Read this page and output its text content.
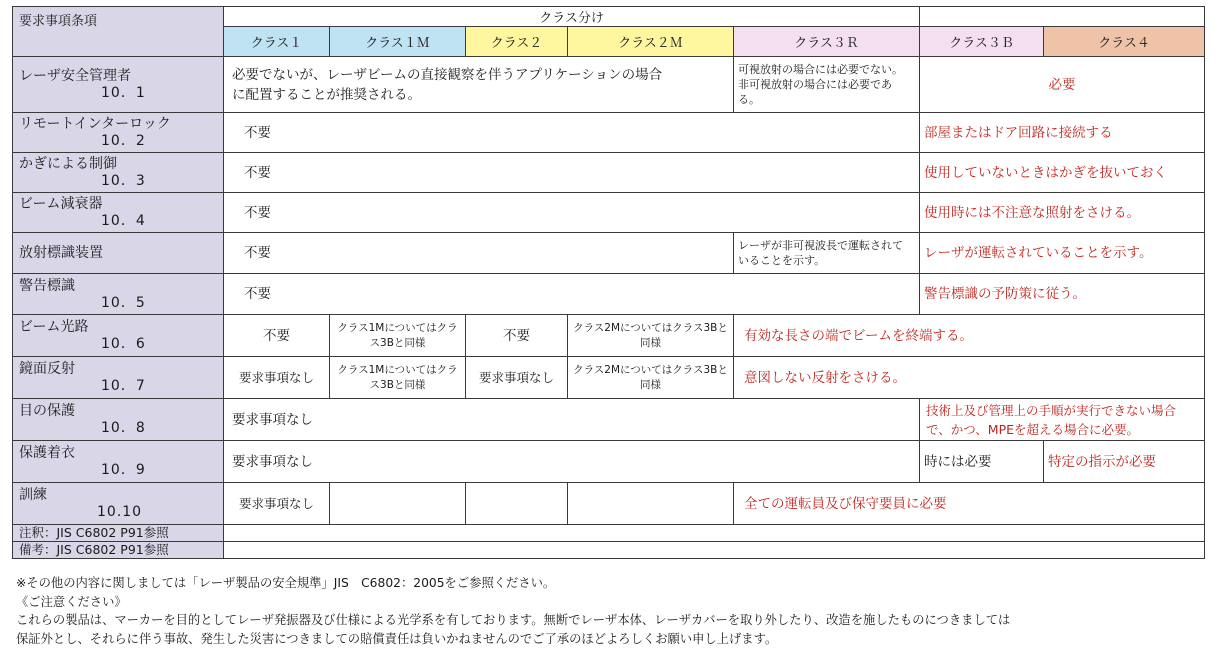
要求事項条項	クラス分け						
	クラス１	クラス１Ｍ	クラス２	クラス２Ｍ	クラス３Ｒ	クラス３Ｂ	クラス４

レーザ安全管理者
10．1	必要でないが、レーザビームの直接観察を伴うアプリケーションの場合に配置することが推奨される。				可視放射の場合には必要でない。非可視放射の場合には必要である。	必要	

リモートインターロック
10．2	不要					部屋またはドア回路に接続する	

かぎによる制御
10．3	不要					使用していないときはかぎを抜いておく	

ビーム減衰器
10．4	不要					使用時には不注意な照射をさける。	

放射標識装置	不要				レーザが非可視波長で運転されていることを示す。	レーザが運転されていることを示す。	

警告標識
10．5	不要					警告標識の予防策に従う。	

ビーム光路
10．6	不要	クラス1Mについてはクラス3Bと同様	不要	クラス2Mについてはクラス3Bと同様	有効な長さの端でビームを終端する。		

鏡面反射
10．7	要求事項なし	クラス1Mについてはクラス3Bと同様	要求事項なし	クラス2Mについてはクラス3Bと同様	意図しない反射をさける。		

目の保護
10．8	要求事項なし					技術上及び管理上の手順が実行できない場合で、かつ、MPEを超える場合に必要。	

保護着衣
10．9	要求事項なし					時には必要	特定の指示が必要

訓練
10.10	要求事項なし				全ての運転員及び保守要員に必要		
注釈：JIS C6802 P91参照							
備考：JIS C6802 P91参照							
※その他の内容に関しましては「レーザ製品の安全規準」JIS　C6802：2005をご参照ください。
《ご注意ください》
これらの製品は、マーカーを目的としてレーザ発振器及び仕様による光学系を有しております。無断でレーザ本体、レーザカバーを取り外したり、改造を施したものにつきましては
保証外とし、それらに伴う事故、発生した災害につきましての賠償責任は負いかねませんのでご了承のほどよろしくお願い申し上げます。
